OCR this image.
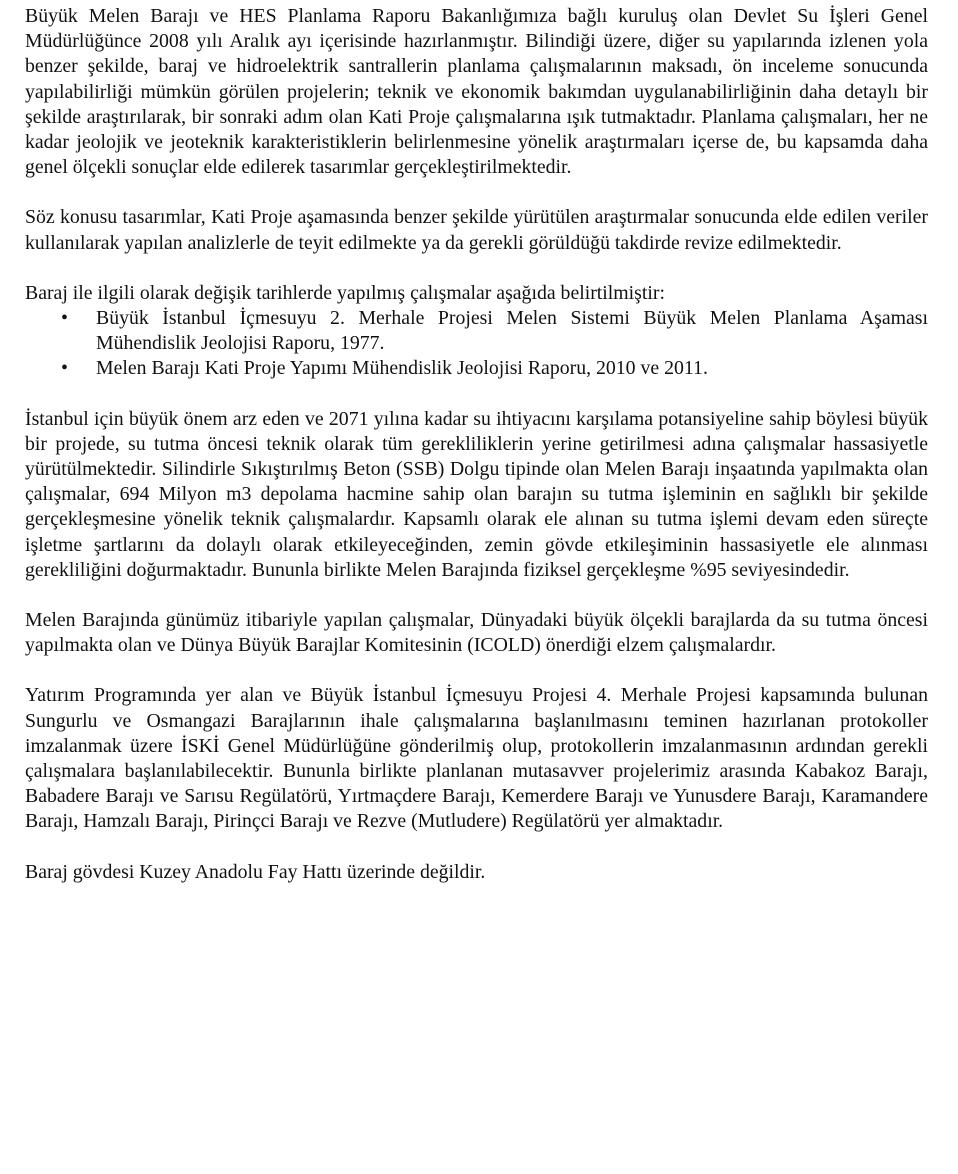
Büyük Melen Barajı ve HES Planlama Raporu Bakanlığımıza bağlı kuruluş olan Devlet Su İşleri Genel Müdürlüğünce 2008 yılı Aralık ayı içerisinde hazırlanmıştır. Bilindiği üzere, diğer su yapılarında izlenen yola benzer şekilde, baraj ve hidroelektrik santrallerin planlama çalışmalarının maksadı, ön inceleme sonucunda yapılabilirliği mümkün görülen projelerin; teknik ve ekonomik bakımdan uygulanabilirliğinin daha detaylı bir şekilde araştırılarak, bir sonraki adım olan Kati Proje çalışmalarına ışık tutmaktadır. Planlama çalışmaları, her ne kadar jeolojik ve jeoteknik karakteristiklerin belirlenmesine yönelik araştırmaları içerse de, bu kapsamda daha genel ölçekli sonuçlar elde edilerek tasarımlar gerçekleştirilmektedir.

Söz konusu tasarımlar, Kati Proje aşamasında benzer şekilde yürütülen araştırmalar sonucunda elde edilen veriler kullanılarak yapılan analizlerle de teyit edilmekte ya da gerekli görüldüğü takdirde revize edilmektedir.

Baraj ile ilgili olarak değişik tarihlerde yapılmış çalışmalar aşağıda belirtilmiştir:

• Büyük İstanbul İçmesuyu 2. Merhale Projesi Melen Sistemi Büyük Melen Planlama Aşaması Mühendislik Jeolojisi Raporu, 1977.
• Melen Barajı Kati Proje Yapımı Mühendislik Jeolojisi Raporu, 2010 ve 2011.

İstanbul için büyük önem arz eden ve 2071 yılına kadar su ihtiyacını karşılama potansiyeline sahip böylesi büyük bir projede, su tutma öncesi teknik olarak tüm gerekliliklerin yerine getirilmesi adına çalışmalar hassasiyetle yürütülmektedir. Silindirle Sıkıştırılmış Beton (SSB) Dolgu tipinde olan Melen Barajı inşaatında yapılmakta olan çalışmalar, 694 Milyon m3 depolama hacmine sahip olan barajın su tutma işleminin en sağlıklı bir şekilde gerçekleşmesine yönelik teknik çalışmalardır. Kapsamlı olarak ele alınan su tutma işlemi devam eden süreçte işletme şartlarını da dolaylı olarak etkileyeceğinden, zemin gövde etkileşiminin hassasiyetle ele alınması gerekliliğini doğurmaktadır. Bununla birlikte Melen Barajında fiziksel gerçekleşme %95 seviyesindedir.

Melen Barajında günümüz itibariyle yapılan çalışmalar, Dünyadaki büyük ölçekli barajlarda da su tutma öncesi yapılmakta olan ve Dünya Büyük Barajlar Komitesinin (ICOLD) önerdiği elzem çalışmalardır.

Yatırım Programında yer alan ve Büyük İstanbul İçmesuyu Projesi 4. Merhale Projesi kapsamında bulunan Sungurlu ve Osmangazi Barajlarının ihale çalışmalarına başlanılmasını teminen hazırlanan protokoller imzalanmak üzere İSKİ Genel Müdürlüğüne gönderilmiş olup, protokollerin imzalanmasının ardından gerekli çalışmalara başlanılabilecektir. Bununla birlikte planlanan mutasavver projelerimiz arasında Kabakoz Barajı, Babadere Barajı ve Sarısu Regülatörü, Yırtmaçdere Barajı, Kemerdere Barajı ve Yunusdere Barajı, Karamandere Barajı, Hamzalı Barajı, Pirinçci Barajı ve Rezve (Mutludere) Regülatörü yer almaktadır.

Baraj gövdesi Kuzey Anadolu Fay Hattı üzerinde değildir.
